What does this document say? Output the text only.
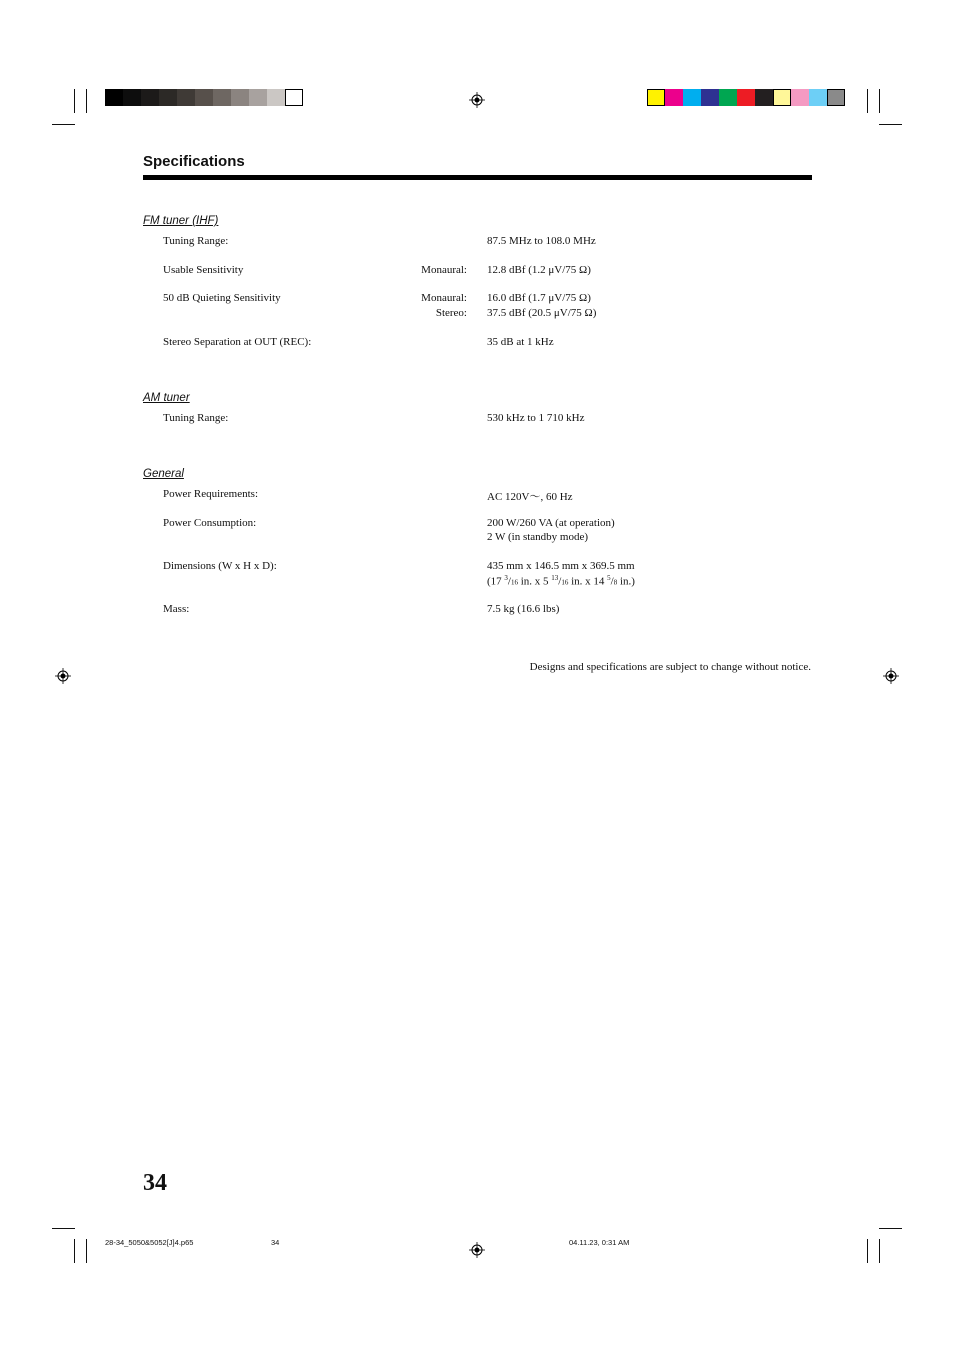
Specifications
FM tuner (IHF)
Tuning Range:	87.5 MHz to 108.0 MHz
Usable Sensitivity	Monaural: 12.8 dBf (1.2 μV/75 Ω)
50 dB Quieting Sensitivity	Monaural: 16.0 dBf (1.7 μV/75 Ω)
Stereo: 37.5 dBf (20.5 μV/75 Ω)
Stereo Separation at OUT (REC):	35 dB at 1 kHz
AM tuner
Tuning Range:	530 kHz to 1 710 kHz
General
Power Requirements:	AC 120V～, 60 Hz
Power Consumption:	200 W/260 VA (at operation)
2 W (in standby mode)
Dimensions (W x H x D):	435 mm x 146.5 mm x 369.5 mm
(17 $^3$/16 in. x 5 $^{13}$/16 in. x 14 $^5$/8 in.)
Mass:	7.5 kg (16.6 lbs)
Designs and specifications are subject to change without notice.
34
28-34_5050&5052[J]4.p65	34	04.11.23, 0:31 AM
